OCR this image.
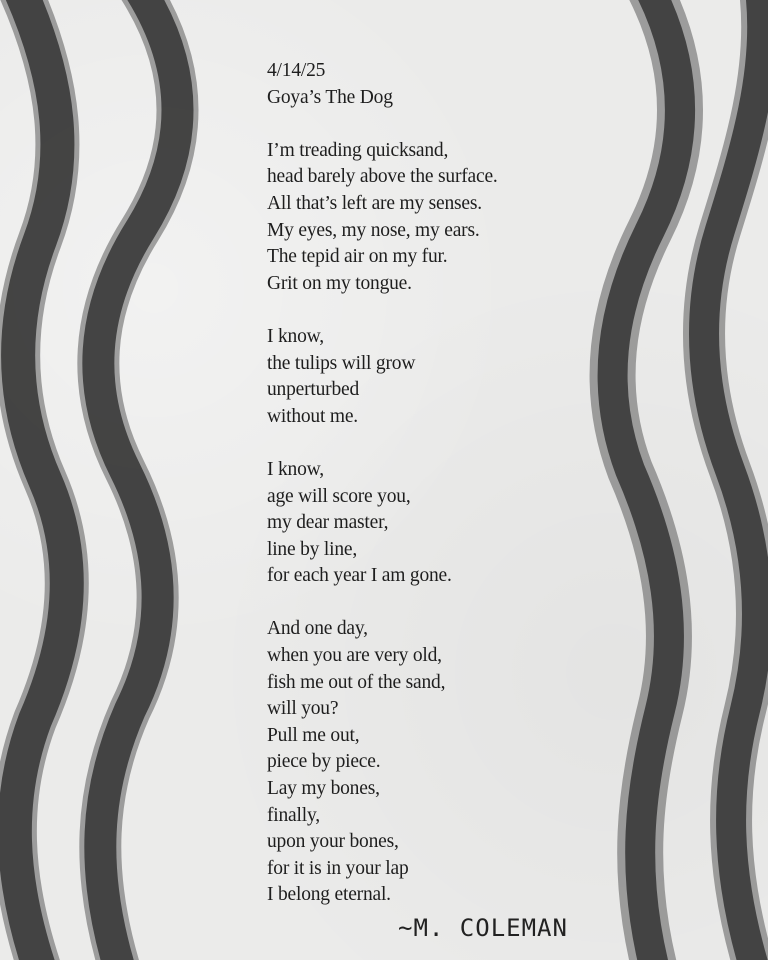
4/14/25
Goya’s The Dog
I’m treading quicksand,
head barely above the surface.
All that’s left are my senses.
My eyes, my nose, my ears.
The tepid air on my fur.
Grit on my tongue.
I know,
the tulips will grow
unperturbed
without me.
I know,
age will score you,
my dear master,
line by line,
for each year I am gone.
And one day,
when you are very old,
fish me out of the sand,
will you?
Pull me out,
piece by piece.
Lay my bones,
finally,
upon your bones,
for it is in your lap
I belong eternal.
~M. COLEMAN
